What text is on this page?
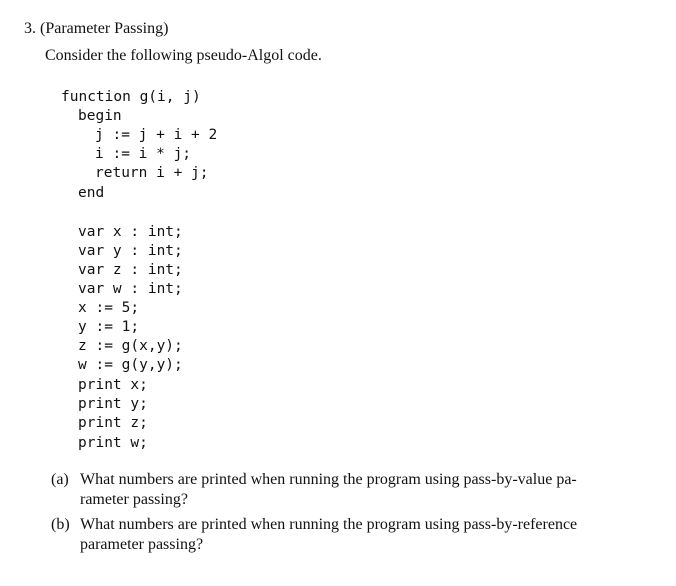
3. (Parameter Passing)
Consider the following pseudo-Algol code.
function g(i, j)
begin
j := j + i + 2
i := i * j;
return i + j;
end
var x : int;
var y : int;
var z : int;
var w : int;
x := 5;
y := 1;
z := g(x,y);
w := g(y,y);
print x;
print y;
print z;
print w;
(a) What numbers are printed when running the program using pass-by-value pa-
rameter passing?
(b) What numbers are printed when running the program using pass-by-reference
parameter passing?
